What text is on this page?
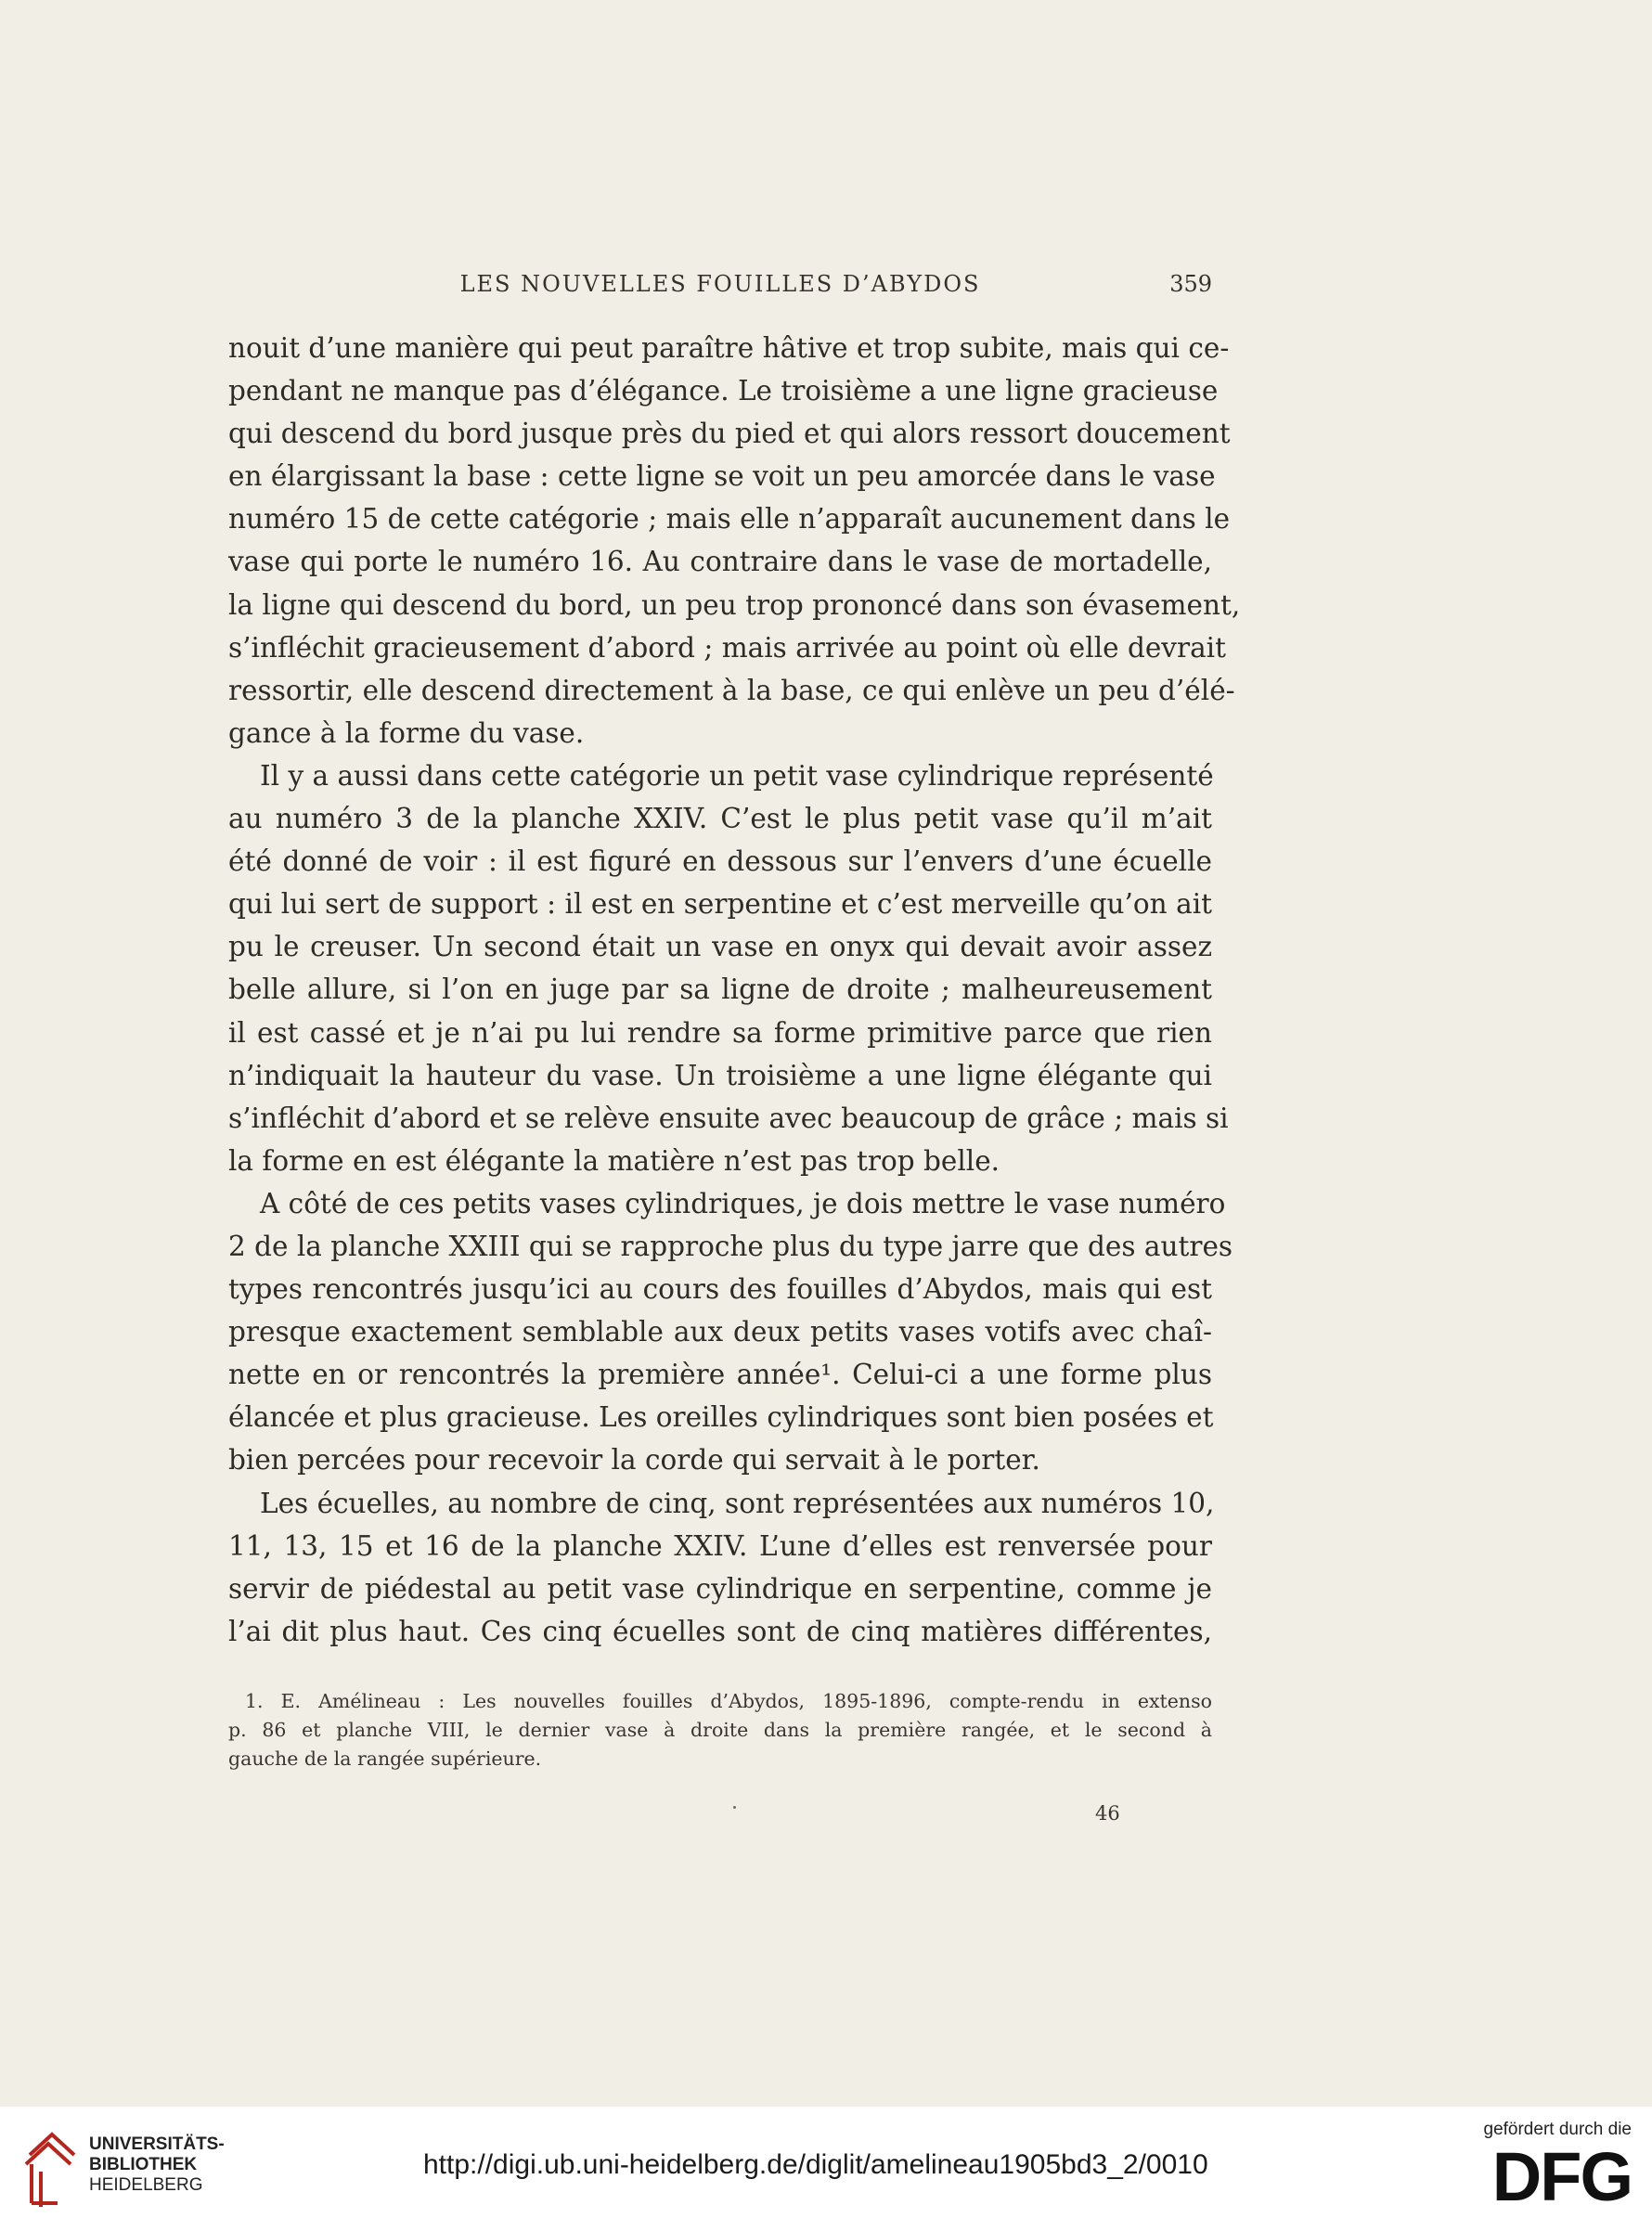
LES NOUVELLES FOUILLES D’ABYDOS	359
nouit d’une manière qui peut paraître hâtive et trop subite, mais qui ce-
pendant ne manque pas d’élégance. Le troisième a une ligne gracieuse
qui descend du bord jusque près du pied et qui alors ressort doucement
en élargissant la base : cette ligne se voit un peu amorcée dans le vase
numéro 15 de cette catégorie ; mais elle n’apparaît aucunement dans le
vase qui porte le numéro 16. Au contraire dans le vase de mortadelle,
la ligne qui descend du bord, un peu trop prononcé dans son évasement,
s’infléchit gracieusement d’abord ; mais arrivée au point où elle devrait
ressortir, elle descend directement à la base, ce qui enlève un peu d’élé-
gance à la forme du vase.
Il y a aussi dans cette catégorie un petit vase cylindrique représenté
au numéro 3 de la planche XXIV. C’est le plus petit vase qu’il m’ait
été donné de voir : il est figuré en dessous sur l’envers d’une écuelle
qui lui sert de support : il est en serpentine et c’est merveille qu’on ait
pu le creuser. Un second était un vase en onyx qui devait avoir assez
belle allure, si l’on en juge par sa ligne de droite ; malheureusement
il est cassé et je n’ai pu lui rendre sa forme primitive parce que rien
n’indiquait la hauteur du vase. Un troisième a une ligne élégante qui
s’infléchit d’abord et se relève ensuite avec beaucoup de grâce ; mais si
la forme en est élégante la matière n’est pas trop belle.
A côté de ces petits vases cylindriques, je dois mettre le vase numéro
2 de la planche XXIII qui se rapproche plus du type jarre que des autres
types rencontrés jusqu’ici au cours des fouilles d’Abydos, mais qui est
presque exactement semblable aux deux petits vases votifs avec chaî-
nette en or rencontrés la première année¹. Celui-ci a une forme plus
élancée et plus gracieuse. Les oreilles cylindriques sont bien posées et
bien percées pour recevoir la corde qui servait à le porter.
Les écuelles, au nombre de cinq, sont représentées aux numéros 10,
11, 13, 15 et 16 de la planche XXIV. L’une d’elles est renversée pour
servir de piédestal au petit vase cylindrique en serpentine, comme je
l’ai dit plus haut. Ces cinq écuelles sont de cinq matières différentes,
1. E. Amélineau : Les nouvelles fouilles d’Abydos, 1895-1896, compte-rendu in extenso
p. 86 et planche VIII, le dernier vase à droite dans la première rangée, et le second à
gauche de la rangée supérieure.
46
UNIVERSITÄTS-
BIBLIOTHEK
HEIDELBERG
http://digi.ub.uni-heidelberg.de/diglit/amelineau1905bd3_2/0010
gefördert durch die
DFG
